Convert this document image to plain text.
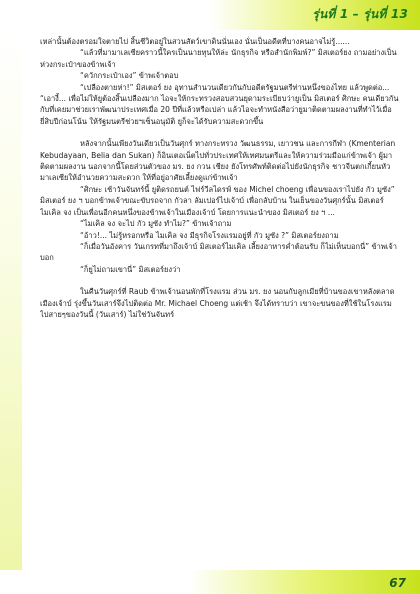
รุ่นที่ 1 – รุ่นที่ 13

เหล่านั้นต้องตรอมใจตายไป สิ้นชีวิตอยู่ในสวนสัตว์เขาดินนั่นเอง นั่นเป็นอดีตที่บางคนอาจไม่รู้......

“แล้วที่มามาเลเซียคราวนี้ใครเป็นนายทุนให้ล่ะ นักธุรกิจ หรือสำนักพิมพ์?” มิสเตอร์ยง ถามอย่างเป็นห่วงกระเป๋าของข้าพเจ้า

“ควักกระเป๋าเอง” ข้าพเจ้าตอบ

“เปลืองตายห่า!” มิสเตอร์ ยง อุทานสำนวนเดียวกันกับอดีตรัฐมนตรีท่านหนึ่งของไทย แล้วพูดต่อ... “เอางี้... เพื่อไม่ให้ยูต้องสิ้นเปลืองมาก ไอจะให้กระทรวงสอบสวนยุดามระเบียบว่ายูเป็น มิสเตอร์ ศิกษะ คนเดียวกันกับที่เคยมาช่วยเราพัฒนาประเทศเมื่อ 20 ปีที่แล้วหรือเปล่า แล้วไอจะทำหนังสือว่ายูมาติดตามผลงานที่ทำไว้เมื่อยี่สิบปีก่อนโน้น ให้รัฐมนตรีช่วยฯเซ็นอนุมัติ ยูก็จะได้รับความสะดวกขึ้น

หลังจากนั้นเพียงวันเดียวเป็นวันศุกร์ ทางกระทรวง วัฒนธรรม, เยาวชน และการกีฬา (Kmenterian Kebudayaan, Belia dan Sukan) ก็อินเตอเน็ตไปทั่วประเทศให้เทศมนตรีและให้ความร่วมมือแก่ข้าพเจ้า ผู้มาติดตามผลงาน นอกจากนี้โดยส่วนตัวของ มร. ยง กวน เชียง ยังโทรศัพท์ติดต่อไปยังนักธุรกิจ ชาวจีนตกเกี้ยนหัวมาเลเซียให้อำนวยความสะดวก ให้ที่อยู่อาศัยเลี้ยงดูแก่ข้าพเจ้า

“ศิกษะ เช้าวันจันทร์นี้ ยูติดรถยนต์ ไฟร์วีลไดรฟ์ ของ Michel choeng เพื่อนของเราไปยัง กัว มูซัง” มิสเตอร์ ยง ฯ บอกข้าพเจ้าขณะขับรถจาก กัวลา ลัมเปอร์ไปเจ้าบ์ เพื่อกลับบ้าน ในเย็นของวันศุกร์นั้น มิสเตอร์ ไมเคิล จง เป็นเพื่อนอีกคนหนึ่งของข้าพเจ้าในเมืองเจ้าบ์ โดยการแนะนำของ มิสเตอร์ ยง ฯ ...

“ไมเคิล จง จะไป กัว มูซัง ทำไม?” ข้าพเจ้าถาม

“อ้าว!... ไม่รู้หรอกหรือ ไมเคิล จง มีธุรกิจโรงแรมอยู่ที่ กัว มูซัง ?” มิสเตอร์ยงถาม

“ก็เมื่อวันอังคาร วันเกรทที่มาถึงเจ้าบ์ มิสเตอร์ไมเคิล เลี้ยงอาหารค่ำต้อนรับ ก็ไม่เห็นบอกนี่” ข้าพเจ้าบอก

“ก็ยูไม่ถามเขานี่” มิสเตอร์ยงว่า

ในคืนวันศุกร์ที่ Raub ข้าพเจ้านอนพักที่โรงแรม ส่วน มร. ยง นอนกับลูกเมียที่บ้านของเขาหลังตลาดเมืองเจ้าบ์ รุ่งขึ้นวันเสาร์จึงไปติดต่อ Mr. Michael Choeng แต่เช้า จึงได้ทราบว่า เขาจะขนของที่ใช้ในโรงแรมไปสายๆของวันนี้ (วันเสาร์) ไม่ใช่วันจันทร์

67
